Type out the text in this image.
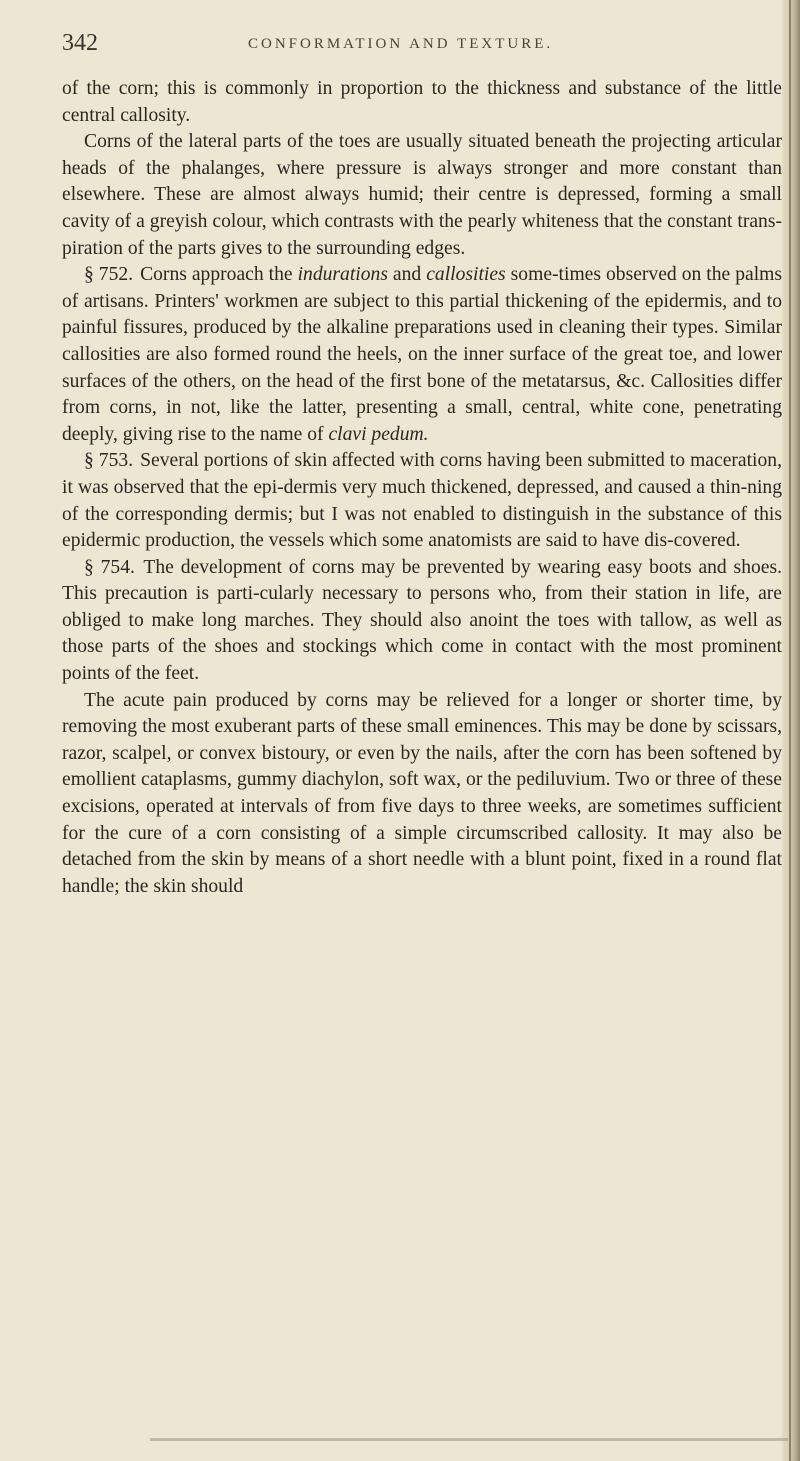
342	CONFORMATION AND TEXTURE.

of the corn; this is commonly in proportion to the thickness and substance of the little central callosity.

Corns of the lateral parts of the toes are usually situated beneath the projecting articular heads of the phalanges, where pressure is always stronger and more constant than elsewhere. These are almost always humid; their centre is depressed, forming a small cavity of a greyish colour, which contrasts with the pearly whiteness that the constant trans-piration of the parts gives to the surrounding edges.

§ 752. Corns approach the indurations and callosities some-times observed on the palms of artisans. Printers' workmen are subject to this partial thickening of the epidermis, and to painful fissures, produced by the alkaline preparations used in cleaning their types. Similar callosities are also formed round the heels, on the inner surface of the great toe, and lower surfaces of the others, on the head of the first bone of the metatarsus, &c. Callosities differ from corns, in not, like the latter, presenting a small, central, white cone, penetrating deeply, giving rise to the name of clavi pedum.

§ 753. Several portions of skin affected with corns having been submitted to maceration, it was observed that the epi-dermis very much thickened, depressed, and caused a thin-ning of the corresponding dermis; but I was not enabled to distinguish in the substance of this epidermic production, the vessels which some anatomists are said to have dis-covered.

§ 754. The development of corns may be prevented by wearing easy boots and shoes. This precaution is parti-cularly necessary to persons who, from their station in life, are obliged to make long marches. They should also anoint the toes with tallow, as well as those parts of the shoes and stockings which come in contact with the most prominent points of the feet.

The acute pain produced by corns may be relieved for a longer or shorter time, by removing the most exuberant parts of these small eminences. This may be done by scissars, razor, scalpel, or convex bistoury, or even by the nails, after the corn has been softened by emollient cataplasms, gummy diachylon, soft wax, or the pediluvium. Two or three of these excisions, operated at intervals of from five days to three weeks, are sometimes sufficient for the cure of a corn consisting of a simple circumscribed callosity. It may also be detached from the skin by means of a short needle with a blunt point, fixed in a round flat handle; the skin should
